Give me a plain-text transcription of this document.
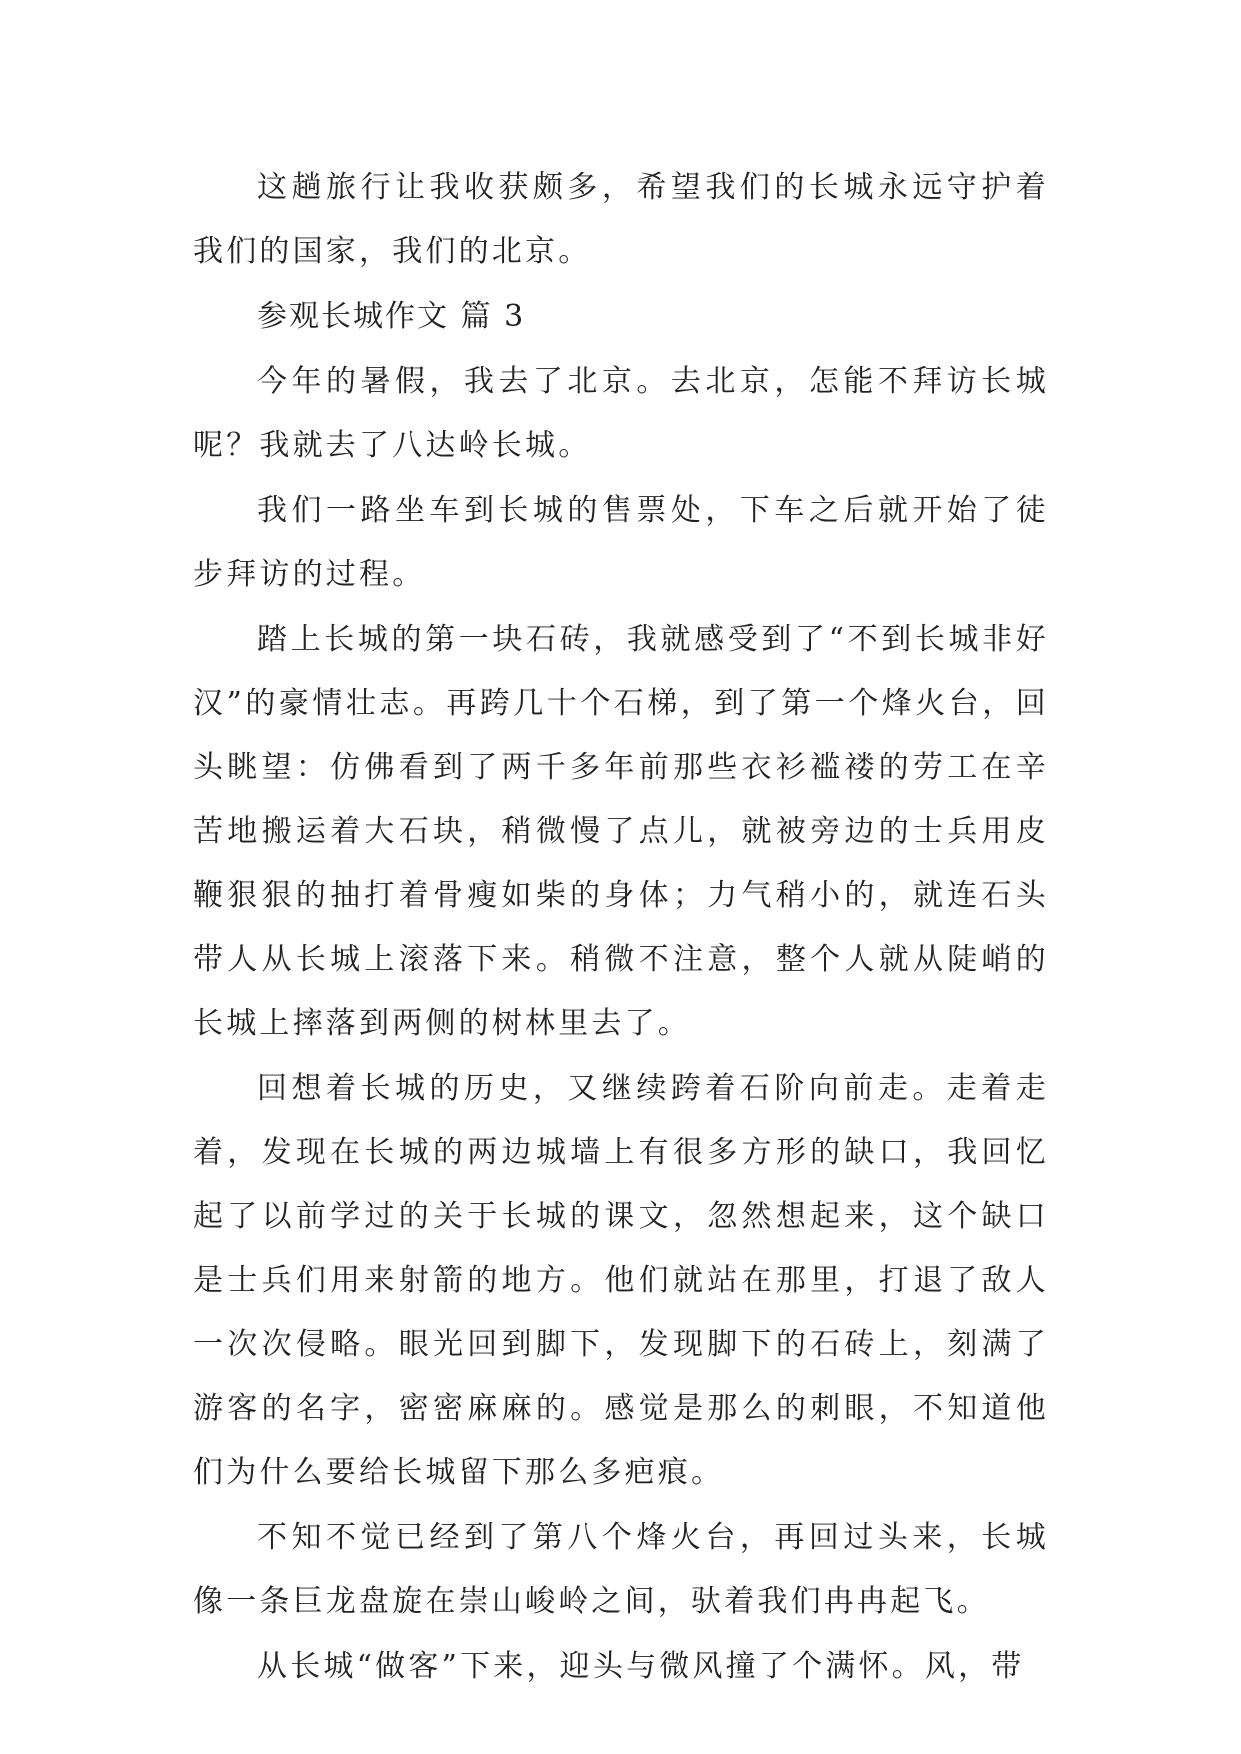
这趟旅行让我收获颇多，希望我们的长城永远守护着我们的国家，我们的北京。

参观长城作文 篇 3

今年的暑假，我去了北京。去北京，怎能不拜访长城呢？我就去了八达岭长城。

我们一路坐车到长城的售票处，下车之后就开始了徒步拜访的过程。

踏上长城的第一块石砖，我就感受到了“不到长城非好汉”的豪情壮志。再跨几十个石梯，到了第一个烽火台，回头眺望：仿佛看到了两千多年前那些衣衫褴褛的劳工在辛苦地搬运着大石块，稍微慢了点儿，就被旁边的士兵用皮鞭狠狠的抽打着骨瘦如柴的身体；力气稍小的，就连石头带人从长城上滚落下来。稍微不注意，整个人就从陡峭的长城上摔落到两侧的树林里去了。

回想着长城的历史，又继续跨着石阶向前走。走着走着，发现在长城的两边城墙上有很多方形的缺口，我回忆起了以前学过的关于长城的课文，忽然想起来，这个缺口是士兵们用来射箭的地方。他们就站在那里，打退了敌人一次次侵略。眼光回到脚下，发现脚下的石砖上，刻满了游客的名字，密密麻麻的。感觉是那么的刺眼，不知道他们为什么要给长城留下那么多疤痕。

不知不觉已经到了第八个烽火台，再回过头来，长城像一条巨龙盘旋在崇山峻岭之间，驮着我们冉冉起飞。

从长城“做客”下来，迎头与微风撞了个满怀。风，带
